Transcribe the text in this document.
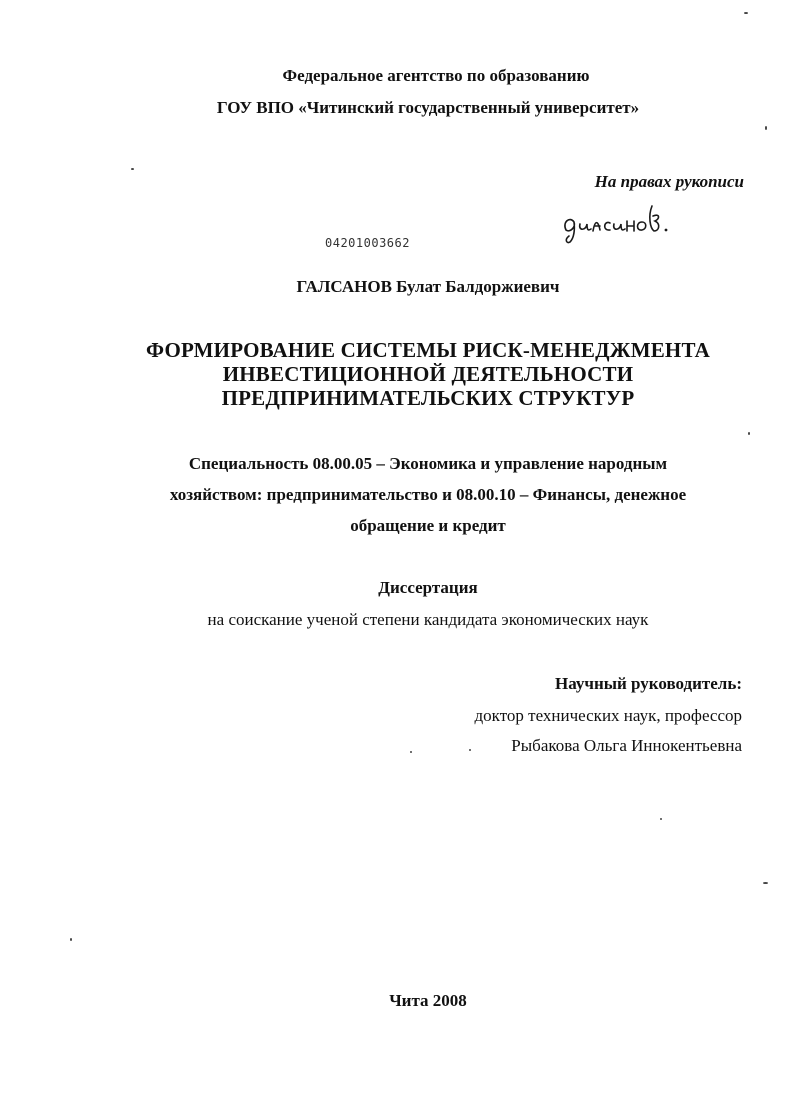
Федеральное агентство по образованию
ГОУ ВПО «Читинский государственный университет»
На правах рукописи
04201003662
ГАЛСАНОВ Булат Балдоржиевич
ФОРМИРОВАНИЕ СИСТЕМЫ РИСК-МЕНЕДЖМЕНТА
ИНВЕСТИЦИОННОЙ ДЕЯТЕЛЬНОСТИ
ПРЕДПРИНИМАТЕЛЬСКИХ СТРУКТУР
Специальность 08.00.05 – Экономика и управление народным
хозяйством: предпринимательство и 08.00.10 – Финансы, денежное
обращение и кредит
Диссертация
на соискание ученой степени кандидата экономических наук
Научный руководитель:
доктор технических наук, профессор
Рыбакова Ольга Иннокентьевна
Чита 2008
